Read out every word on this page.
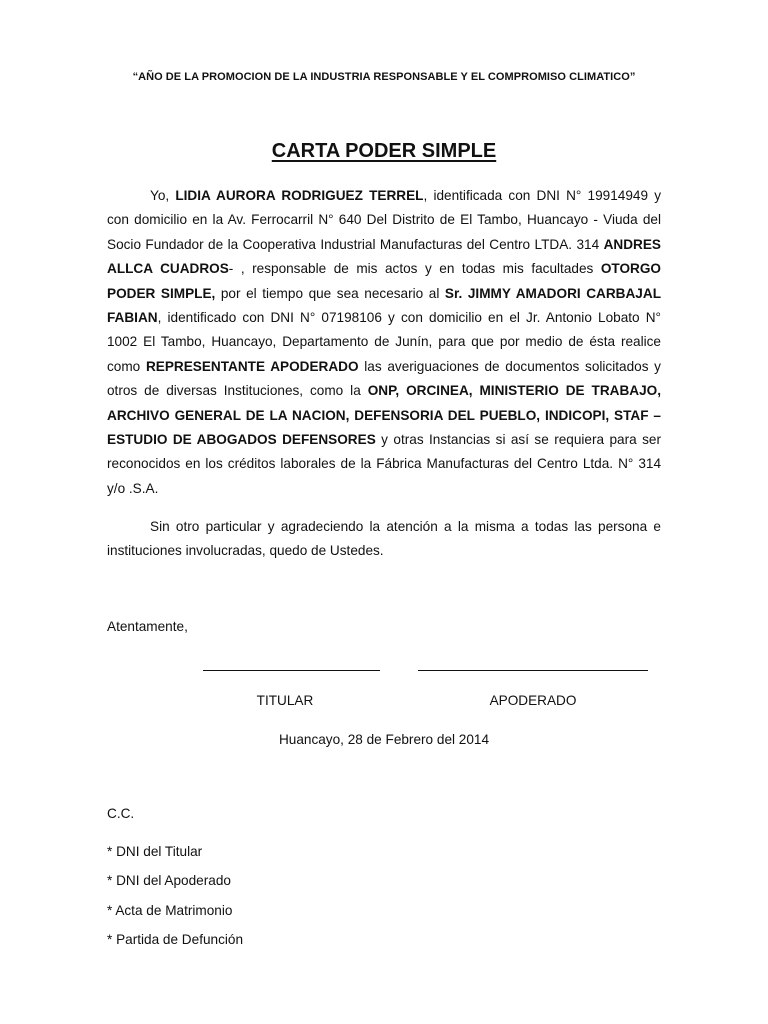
“AÑO DE LA PROMOCION DE LA INDUSTRIA RESPONSABLE Y EL COMPROMISO CLIMATICO”
CARTA PODER SIMPLE

Yo, LIDIA AURORA RODRIGUEZ TERREL, identificada con DNI N° 19914949 y con domicilio en la Av. Ferrocarril N° 640 Del Distrito de El Tambo, Huancayo - Viuda del Socio Fundador de la Cooperativa Industrial Manufacturas del Centro LTDA. 314 ANDRES ALLCA CUADROS- , responsable de mis actos y en todas mis facultades OTORGO PODER SIMPLE, por el tiempo que sea necesario al Sr. JIMMY AMADORI CARBAJAL FABIAN, identificado con DNI N° 07198106 y con domicilio en el Jr. Antonio Lobato N° 1002 El Tambo, Huancayo, Departamento de Junín, para que por medio de ésta realice como REPRESENTANTE APODERADO las averiguaciones de documentos solicitados y otros de diversas Instituciones, como la ONP, ORCINEA, MINISTERIO DE TRABAJO, ARCHIVO GENERAL DE LA NACION, DEFENSORIA DEL PUEBLO, INDICOPI, STAF – ESTUDIO DE ABOGADOS DEFENSORES y otras Instancias si así se requiera para ser reconocidos en los créditos laborales de la Fábrica Manufacturas del Centro Ltda. N° 314 y/o .S.A.

Sin otro particular y agradeciendo la atención a la misma a todas las persona e instituciones involucradas, quedo de Ustedes.

Atentamente,
TITULAR	APODERADO
Huancayo, 28 de Febrero del 2014
C.C.
* DNI del Titular
* DNI del Apoderado
* Acta de Matrimonio
* Partida de Defunción
